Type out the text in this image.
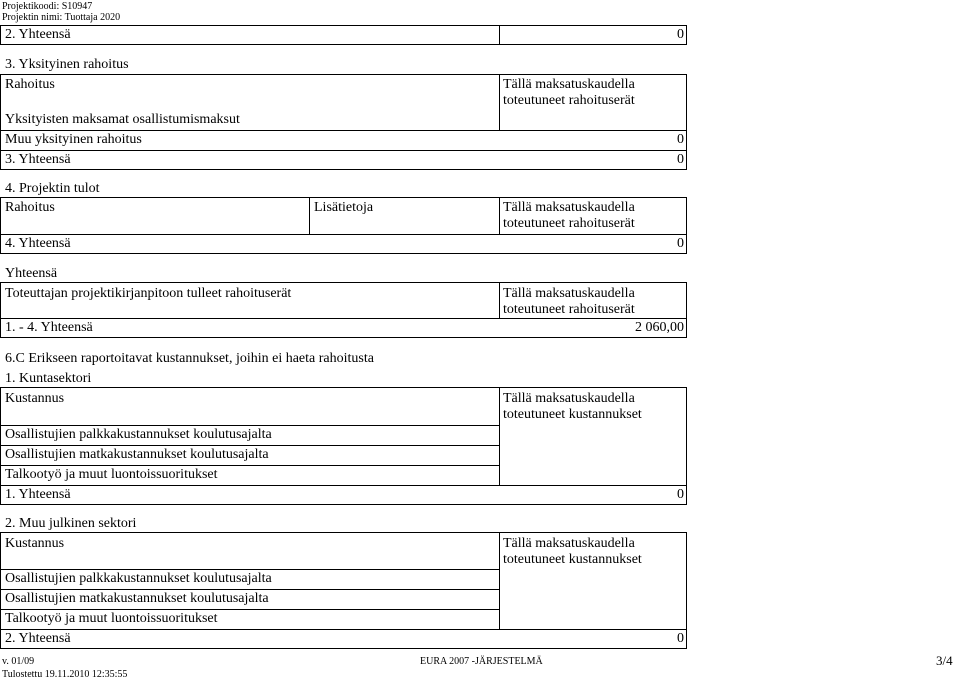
Projektikoodi: S10947
Projektin nimi: Tuottaja 2020
2. Yhteensä	0
3. Yksityinen rahoitus
Rahoitus	Tällä maksatuskaudella
toteutuneet rahoituserät
Yksityisten maksamat osallistumismaksut
Muu yksityinen rahoitus	0
3. Yhteensä	0
4. Projektin tulot
Rahoitus	Lisätietoja	Tällä maksatuskaudella
toteutuneet rahoituserät
4. Yhteensä	0
Yhteensä
Toteuttajan projektikirjanpitoon tulleet rahoituserät	Tällä maksatuskaudella
toteutuneet rahoituserät
1. - 4. Yhteensä	2 060,00
6.C Erikseen raportoitavat kustannukset, joihin ei haeta rahoitusta
1. Kuntasektori
Kustannus	Tällä maksatuskaudella
toteutuneet kustannukset
Osallistujien palkkakustannukset koulutusajalta
Osallistujien matkakustannukset koulutusajalta
Talkootyö ja muut luontoissuoritukset
1. Yhteensä	0
2. Muu julkinen sektori
Kustannus	Tällä maksatuskaudella
toteutuneet kustannukset
Osallistujien palkkakustannukset koulutusajalta
Osallistujien matkakustannukset koulutusajalta
Talkootyö ja muut luontoissuoritukset
2. Yhteensä	0
v. 01/09	EURA 2007 -JÄRJESTELMÄ	3/4
Tulostettu 19.11.2010 12:35:55
